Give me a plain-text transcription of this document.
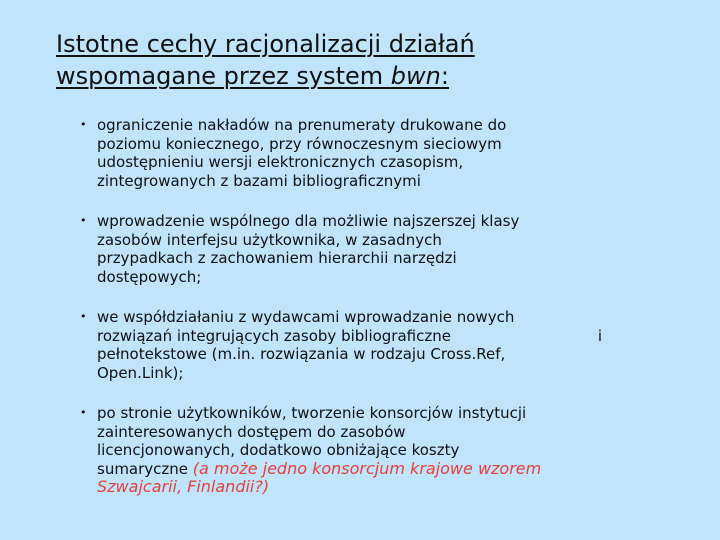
Istotne cechy racjonalizacji działań
wspomagane przez system bwn:
• ograniczenie nakładów na prenumeraty drukowane do
poziomu koniecznego, przy równoczesnym sieciowym
udostępnieniu wersji elektronicznych czasopism,
zintegrowanych z bazami bibliograficznymi
• wprowadzenie wspólnego dla możliwie najszerszej klasy
zasobów interfejsu użytkownika, w zasadnych
przypadkach z zachowaniem hierarchii narzędzi
dostępowych;
• we współdziałaniu z wydawcami wprowadzanie nowych
rozwiązań integrujących zasoby bibliograficzne	i
pełnotekstowe (m.in. rozwiązania w rodzaju Cross.Ref,
Open.Link);
• po stronie użytkowników, tworzenie konsorcjów instytucji
zainteresowanych dostępem do zasobów
licencjonowanych, dodatkowo obniżające koszty
sumaryczne (a może jedno konsorcjum krajowe wzorem
Szwajcarii, Finlandii?)
